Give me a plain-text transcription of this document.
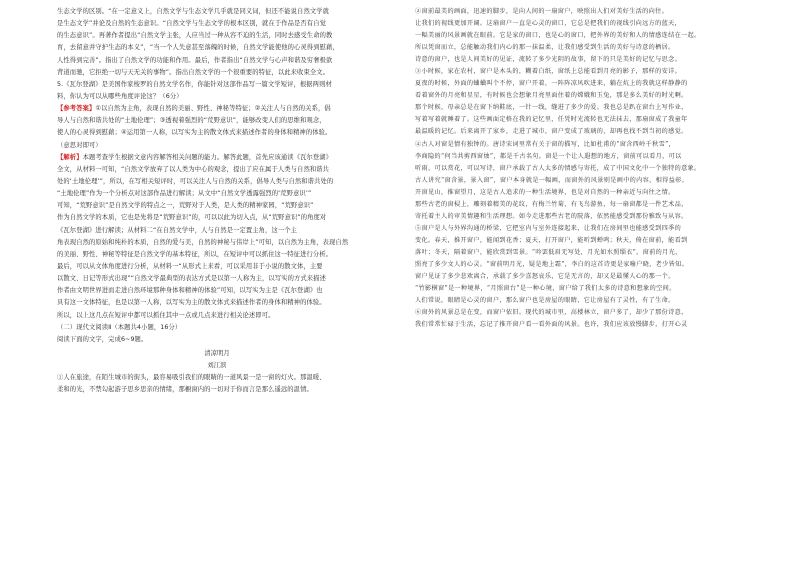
生态文学的区别。“在一定意义上，自然文学与生态文学几乎就是同义词，但还不能说自然文学就
是生态文学”并论及自然的生态意识。“自然文学与生态文学的根本区别，就在于作品是否有自觉
的生态意识”。再著作者提出“自然文学主张，人应当过一种从容不迫的生活，同时去感受生命的教
育，去留意并守护生态的本义”，“当一个人失意甚至落魄的时候，自然文学能使他的心灵得到慰藉，
人性得到完善”。指出了自然文学的功能和作用。最后，作者指出“自然文学与心声和谐及穷奢极欲
背道而驰，它拒绝一切与天无关的事物”。指出自然文学的一个很重要的特征，以此来收束全文。
5.《瓦尔登湖》是美国作家梭罗的自然文学名作，你能针对这部作品写一篇文学短评，根据两则材
料，你认为可以从哪些角度评论这？（6分）
【参考答案】①以自然为主角，表现自然的美丽、野性、神秘等特征；②关注人与自然的关系，倡
导人与自然和谐共处的“土地伦理”；③透视着强烈的“荒野意识”，能够改变人们的思维和观念，
使人的心灵得到慰藉；④运用第一人称，以写实为主的散文体式来描述作者的身体和精神的体验。
（意思对即可）
【解析】本题考查学生根据文意内容解答相关问题的能力。解答此题，首先应该通读《瓦尔登湖》
全文，从材料一可知，“自然文学放弃了以人类为中心的观念，提出了应在属于人类与自然和谐共
处的‘土地伦理’”，所以，在写相关短评时，可以关注人与自然的关系，倡导人类与自然和谐共处的
“土地伦理”作为一个分析点对这部作品进行解读；从文中“自然文学透露强烈的‘荒野意识’”
可知，“荒野意识”是自然文学的特点之一，荒野对于人类，是人类的精神家园，“荒野意识”
作为自然文学的本质，它也是先将是“荒野意识”的，可以以此为切入点，从“荒野意识”的角度对
《瓦尔登湖》进行解读；从材料二“在自然文学中，人与自然是一定置主角，这一个主
角表现自然的原始和纯朴的本质，自然的爱与美，自然的神秘与伟岸上”可知，以自然为主角，表现自然
的美丽、野性、神秘等特征是自然文学的基本特征，所以，在短评中可以抓住这一特征进行分析。
最后，可以从文体角度进行分析，从材料一“从形式上来看，可以采用非于小说的散文体，主要
以散文、日记等形式出现”“自然文学最典型的表达方式是以第一人称为主，以写实的方式来描述
作者由文明世界进而走进自然环境那种身体和精神的体验”可知，以写实为主是《瓦尔登湖》也
具有这一文体特征，也是以第一人称，以写实为主的散文体式来描述作者的身体和精神的体验。
所以，以上这几点在短评中都可以抓住其中一点或几点来进行相关论述即可。
（二）现代文阅读Ⅱ（本题共4小题，16分）
阅读下面的文字，完成6~9题。
清凉明月
刘江滨
①人在旅途，在陌生城市的街头，最容易吸引我们的眼睛的一道风景一是一窗的灯火。那温暖、
柔和的光，不禁勾起游子思乡思亲的情绪，那橱窗内的一切对于你而言是那么遥远的温情。
②窗前最美的画面，迅速的脚步，是向人间的一扇窗户，映照出人们对美好生活的向往。
让我们的视线更加开阔。这扇窗户一直是心灵的窗口，它总是把我们的视线引向远方的蓝天，
一幅美丽的风景画就在眼前。它是家的窗口，也是心的窗口，把外界的美好和人的情感连结在一起。
所以凭窗而立，总能触动我们内心的那一抹温柔，让我们感受到生活的美好与诗意的栖居。
诗意的窗户，也是人间美好的见证，流转了多少光阴的故事，留下的只是美好的记忆与思念。
③小时候，家在农村，窗户是木头的，糊着白纸，窗纸上总能看到月亮的影子，那样的安详。
夏夜的时候，外面的蛐蛐叫个不停，窗户开着，一阵阵凉风吹进来，躺在炕上的我就这样静静的
看着窗外的月亮和星星，有时候也会想象月亮里面住着的嫦娥和玉兔，那是多么美好的时光啊。
那个时候，母亲总是在窗下纳鞋底，一针一线，缝进了多少的爱。我也总是趴在窗台上写作业，
写着写着就睡着了。这些画面定格在我的记忆里，任凭时光流转也无法抹去，那扇窗成了我童年
最温暖的记忆。后来离开了家乡，走进了城市，窗户变成了玻璃的，却再也找不到当初的感觉。
④古人对窗是情有独钟的。唐诗宋词里常有关于窗的描写，比如杜甫的“窗含西岭千秋雪”，
李商隐的“何当共剪西窗烛”，都是千古名句。窗是一个让人遐想的地方，窗前可以看月，可以
听雨，可以赏花，可以写诗，窗户承载了古人太多的情感与寄托，成了中国文化中一个独特的意象。
古人讲究“窗含景，景入窗”，窗户本身就是一幅画，而窗外的风景则是画中的内容，相得益彰。
开窗见山，推窗望月，这是古人追求的一种生活境界，也是对自然的一种亲近与向往之情。
那些古老的窗棂上，雕刻着精美的花纹，有梅兰竹菊，有飞鸟游鱼，每一扇窗都是一件艺术品，
寄托着主人的审美情趣和生活理想。如今走进那些古老的院落，依然能感受到那份雅致与从容。
⑤窗户是人与外界沟通的桥梁，它把室内与室外连接起来，让我们在房间里也能感受到四季的
变化。春天，推开窗户，能闻到花香；夏天，打开窗户，能听到蝉鸣；秋天，倚在窗前，能看到
落叶；冬天，隔着窗户，能欣赏到雪景。“吟罢低眉无写处，月光如水照缁衣”，窗前的月光，
照亮了多少文人的心灵。“窗前明月光，疑是地上霜”，李白的这首诗更是家喻户晓，老少皆知。
窗户见证了多少悲欢离合，承载了多少喜怒哀乐，它是无言的，却又是最懂人心的那一个。
“竹影横窗”是一种境界，“月照窗台”是一种心境，窗户给了我们太多的诗意和想象的空间。
人们常说，眼睛是心灵的窗户，那么窗户也是房屋的眼睛，它让房屋有了灵性，有了生命。
⑥窗外的风景总是在变，而窗户依旧。现代的城市里，高楼林立，窗户多了，却少了那份诗意，
我们常常忙碌于生活，忘记了推开窗户看一看外面的风景。也许，我们应该放慢脚步，打开心灵
